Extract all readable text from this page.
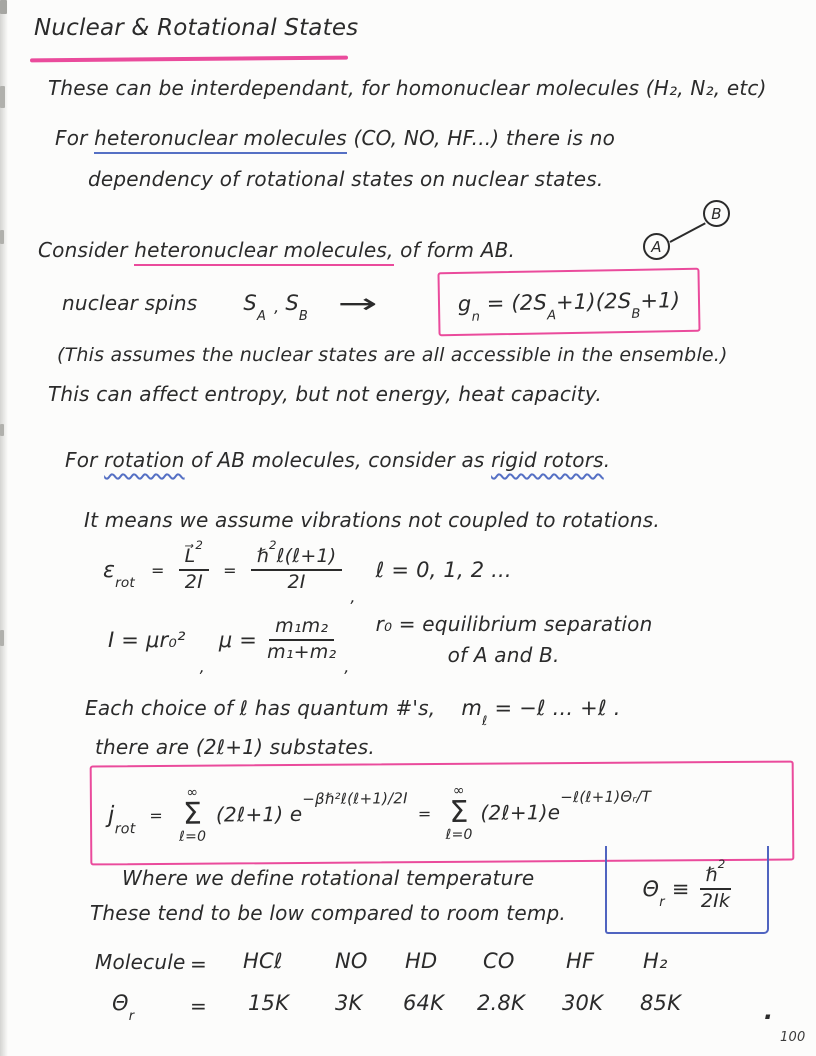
Nuclear & Rotational States
These can be interdependant, for homonuclear molecules (H₂, N₂, etc)
For heteronuclear molecules (CO, NO, HF...) there is no
dependency of rotational states on nuclear states.
A
B
Consider heteronuclear molecules, of form AB.
nuclear spins $S_A$
, $S_B$ →	$g_n = (2S_A+1)(2S_B+1)$
(This assumes the nuclear states are all accessible in the ensemble.)
This can affect entropy, but not energy, heat capacity.
For rotation of AB molecules, consider as rigid rotors.
It means we assume vibrations not coupled to rotations.
$\varepsilon_{rot}$
= $\frac{L⃗^2}{2I} = \frac{\hbar^2\ell(\ell+1)}{2I}$
,
ℓ = 0, 1, 2 ...
I = μr₀²
,
$\mu = \frac{\text{m₁m₂}}{\text{m₁+m₂}}$
,
r₀ = equilibrium separation
of A and B.
Each choice of ℓ has quantum #'s, $m_\ell$ = −ℓ ... +ℓ .
there are (2ℓ+1) substates.
$j_{rot}$
=
∞
Σ
ℓ=0
(2ℓ+1) $e^{-\beta\hbar^2\ell(\ell+1)/2I}$
=
∞
Σ
ℓ=0
$(2\ell+1)e^{-\ell(\ell+1)\Theta ᵣ/T}$
Where we define rotational temperature
These tend to be low compared to room temp.
$\Theta_r \equiv \frac{\hbar^2}{2Ik}$
Molecule = HCℓ NO HD CO HF H₂
$\Theta_r$	= 15K 3K 64K 2.8K 30K 85K	.
100
